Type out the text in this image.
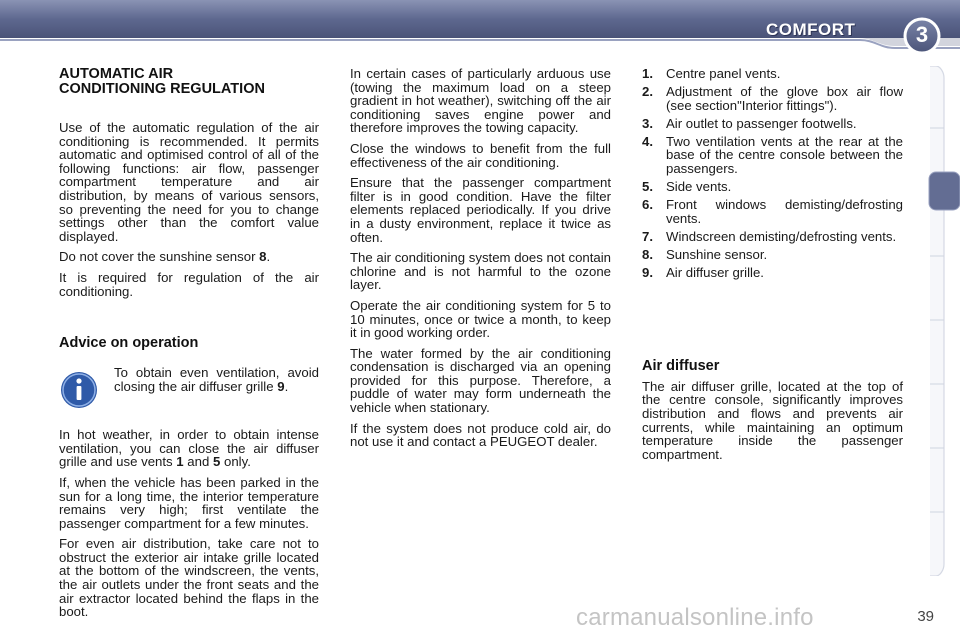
COMFORT	3
AUTOMATIC AIR
CONDITIONING REGULATION

Use of the automatic regulation of the air conditioning is recommended. It permits automatic and optimised control of all of the following functions: air flow, passenger compartment temperature and air distribution, by means of various sensors, so preventing the need for you to change settings other than the comfort value displayed.

Do not cover the sunshine sensor 8.

It is required for regulation of the air conditioning.

Advice on operation

To obtain even ventilation, avoid closing the air diffuser grille 9.

In hot weather, in order to obtain intense ventilation, you can close the air diffuser grille and use vents 1 and 5 only.

If, when the vehicle has been parked in the sun for a long time, the interior temperature remains very high; first ventilate the passenger compartment for a few minutes.

For even air distribution, take care not to obstruct the exterior air intake grille located at the bottom of the windscreen, the vents, the air outlets under the front seats and the air extractor located behind the flaps in the boot.

In certain cases of particularly arduous use (towing the maximum load on a steep gradient in hot weather), switching off the air conditioning saves engine power and therefore improves the towing capacity.

Close the windows to benefit from the full effectiveness of the air conditioning.

Ensure that the passenger compartment filter is in good condition. Have the filter elements replaced periodically. If you drive in a dusty environment, replace it twice as often.

The air conditioning system does not contain chlorine and is not harmful to the ozone layer.

Operate the air conditioning system for 5 to 10 minutes, once or twice a month, to keep it in good working order.

The water formed by the air conditioning condensation is discharged via an opening provided for this purpose. Therefore, a puddle of water may form underneath the vehicle when stationary.

If the system does not produce cold air, do not use it and contact a PEUGEOT dealer.

1. Centre panel vents.
2. Adjustment of the glove box air flow (see section"Interior fittings").
3. Air outlet to passenger footwells.
4. Two ventilation vents at the rear at the base of the centre console between the passengers.
5. Side vents.
6. Front windows demisting/defrosting vents.
7. Windscreen demisting/defrosting vents.
8. Sunshine sensor.
9. Air diffuser grille.
Air diffuser

The air diffuser grille, located at the top of the centre console, significantly improves distribution and flows and prevents air currents, while maintaining an optimum temperature inside the passenger compartment.

39
carmanualsonline.info
